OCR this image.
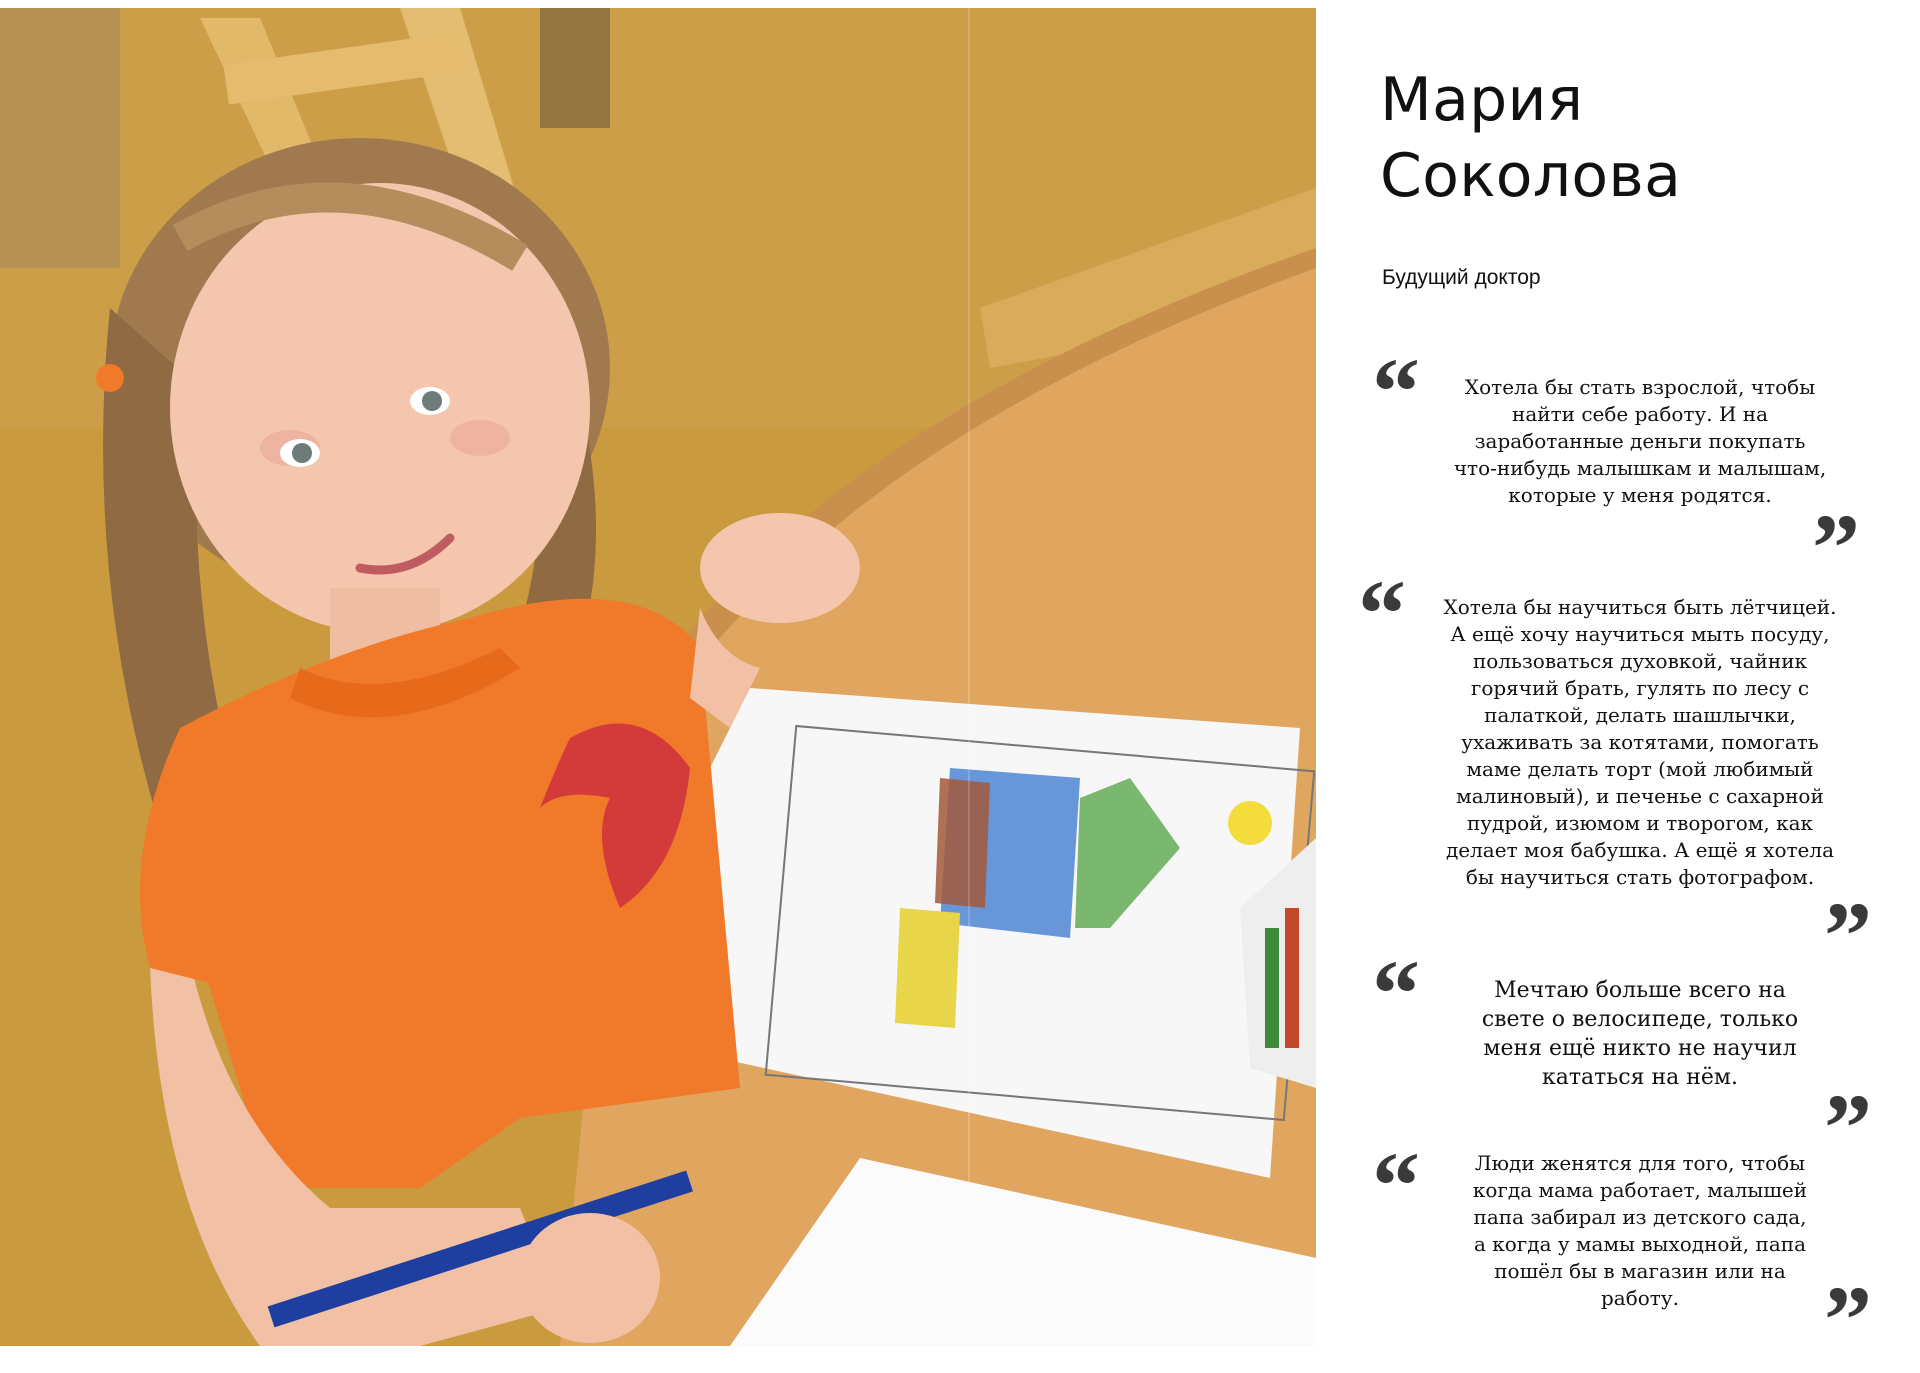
Мария
Соколова
Будущий доктор
“	Хотела бы стать взрослой, чтобы
найти себе работу. И на
заработанные деньги покупать
что-нибудь малышкам и малышам,
которые у меня родятся. ”
“	Хотела бы научиться быть лётчицей.
А ещё хочу научиться мыть посуду,
пользоваться духовкой, чайник
горячий брать, гулять по лесу с
палаткой, делать шашлычки,
ухаживать за котятами, помогать
маме делать торт (мой любимый
малиновый), и печенье с сахарной
пудрой, изюмом и творогом, как
делает моя бабушка. А ещё я хотела
бы научиться стать фотографом.
”
“	Мечтаю больше всего на
свете о велосипеде, только
меня ещё никто не научил
кататься на нём. ”
“	Люди женятся для того, чтобы
когда мама работает, малышей
папа забирал из детского сада,
а когда у мамы выходной, папа
пошёл бы в магазин или на
работу.	”
